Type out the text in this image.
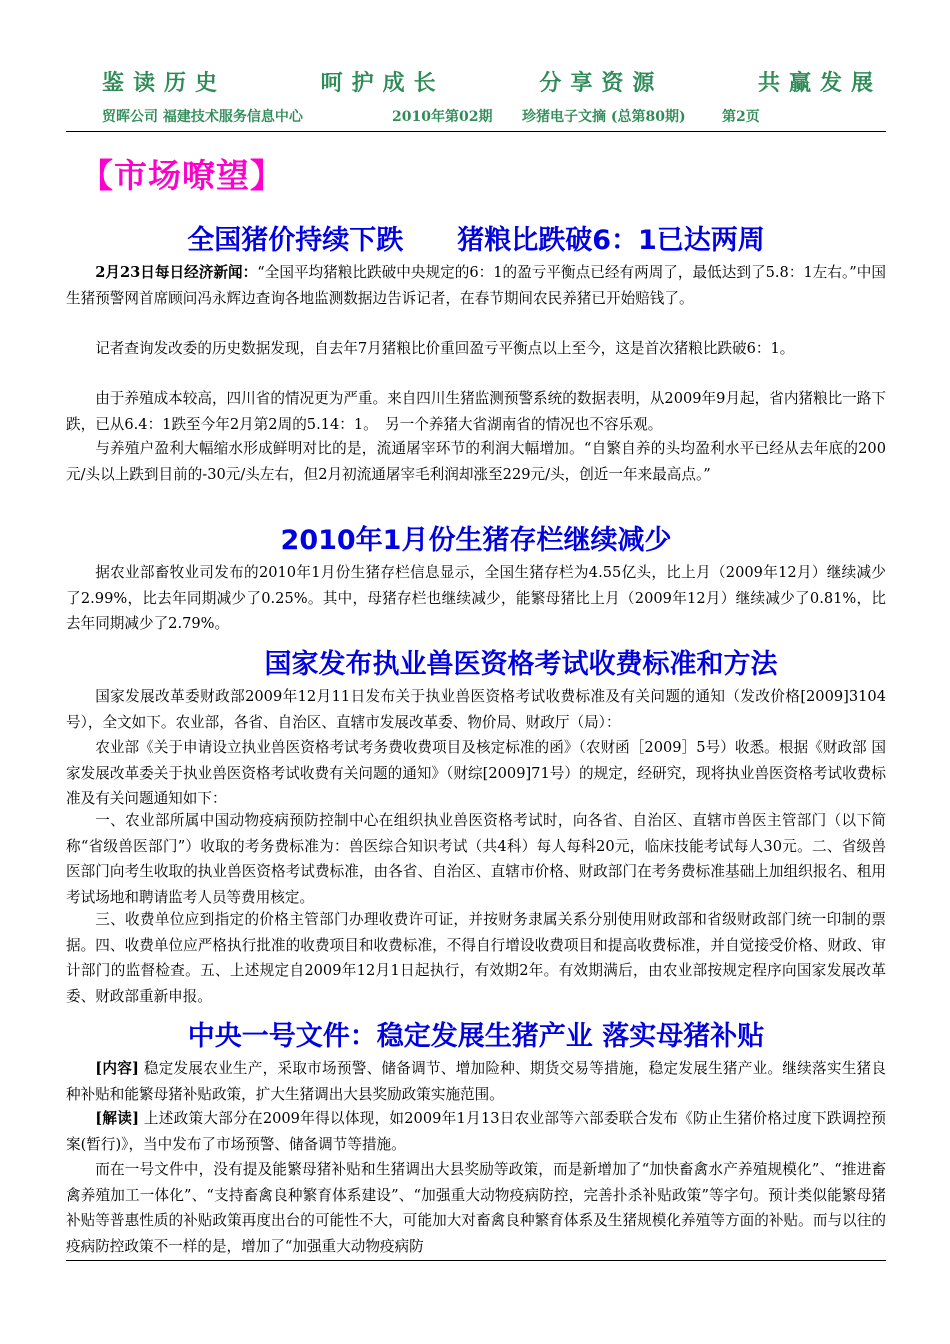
鉴读历史	呵护成长	分享资源	共赢发展
贸晖公司 福建技术服务信息中心	2010年第02期 珍猪电子文摘 (总第80期)	第2页
【市场嘹望】
全国猪价持续下跌　　猪粮比跌破6：1已达两周

2月23日每日经济新闻：“全国平均猪粮比跌破中央规定的6：1的盈亏平衡点已经有两周了，最低达到了5.8：1左右。”中国生猪预警网首席顾问冯永辉边查询各地监测数据边告诉记者，在春节期间农民养猪已开始赔钱了。

记者查询发改委的历史数据发现，自去年7月猪粮比价重回盈亏平衡点以上至今，这是首次猪粮比跌破6：1。

由于养殖成本较高，四川省的情况更为严重。来自四川生猪监测预警系统的数据表明，从2009年9月起，省内猪粮比一路下跌，已从6.4：1跌至今年2月第2周的5.14：1。　另一个养猪大省湖南省的情况也不容乐观。

与养殖户盈利大幅缩水形成鲜明对比的是，流通屠宰环节的利润大幅增加。“自繁自养的头均盈利水平已经从去年底的200元/头以上跌到目前的-30元/头左右，但2月初流通屠宰毛利润却涨至229元/头，创近一年来最高点。”

2010年1月份生猪存栏继续减少

据农业部畜牧业司发布的2010年1月份生猪存栏信息显示，全国生猪存栏为4.55亿头，比上月（2009年12月）继续减少了2.99%，比去年同期减少了0.25%。其中，母猪存栏也继续减少，能繁母猪比上月（2009年12月）继续减少了0.81%，比去年同期减少了2.79%。

国家发布执业兽医资格考试收费标准和方法

国家发展改革委财政部2009年12月11日发布关于执业兽医资格考试收费标准及有关问题的通知（发改价格[2009]3104号），全文如下。农业部，各省、自治区、直辖市发展改革委、物价局、财政厅（局）：

农业部《关于申请设立执业兽医资格考试考务费收费项目及核定标准的函》（农财函［2009］5号）收悉。根据《财政部 国家发展改革委关于执业兽医资格考试收费有关问题的通知》（财综[2009]71号）的规定，经研究，现将执业兽医资格考试收费标准及有关问题通知如下：

一、农业部所属中国动物疫病预防控制中心在组织执业兽医资格考试时，向各省、自治区、直辖市兽医主管部门（以下简称“省级兽医部门”）收取的考务费标准为：兽医综合知识考试（共4科）每人每科20元，临床技能考试每人30元。二、省级兽医部门向考生收取的执业兽医资格考试费标准，由各省、自治区、直辖市价格、财政部门在考务费标准基础上加组织报名、租用考试场地和聘请监考人员等费用核定。

三、收费单位应到指定的价格主管部门办理收费许可证，并按财务隶属关系分别使用财政部和省级财政部门统一印制的票据。四、收费单位应严格执行批准的收费项目和收费标准，不得自行增设收费项目和提高收费标准，并自觉接受价格、财政、审计部门的监督检查。五、上述规定自2009年12月1日起执行，有效期2年。有效期满后，由农业部按规定程序向国家发展改革委、财政部重新申报。

中央一号文件：稳定发展生猪产业 落实母猪补贴

[内容] 稳定发展农业生产，采取市场预警、储备调节、增加险种、期货交易等措施，稳定发展生猪产业。继续落实生猪良种补贴和能繁母猪补贴政策，扩大生猪调出大县奖励政策实施范围。

[解读] 上述政策大部分在2009年得以体现，如2009年1月13日农业部等六部委联合发布《防止生猪价格过度下跌调控预案(暂行)》，当中发布了市场预警、储备调节等措施。

而在一号文件中，没有提及能繁母猪补贴和生猪调出大县奖励等政策，而是新增加了“加快畜禽水产养殖规模化”、“推进畜禽养殖加工一体化”、“支持畜禽良种繁育体系建设”、“加强重大动物疫病防控，完善扑杀补贴政策”等字句。预计类似能繁母猪补贴等普惠性质的补贴政策再度出台的可能性不大，可能加大对畜禽良种繁育体系及生猪规模化养殖等方面的补贴。而与以往的疫病防控政策不一样的是，增加了“加强重大动物疫病防
